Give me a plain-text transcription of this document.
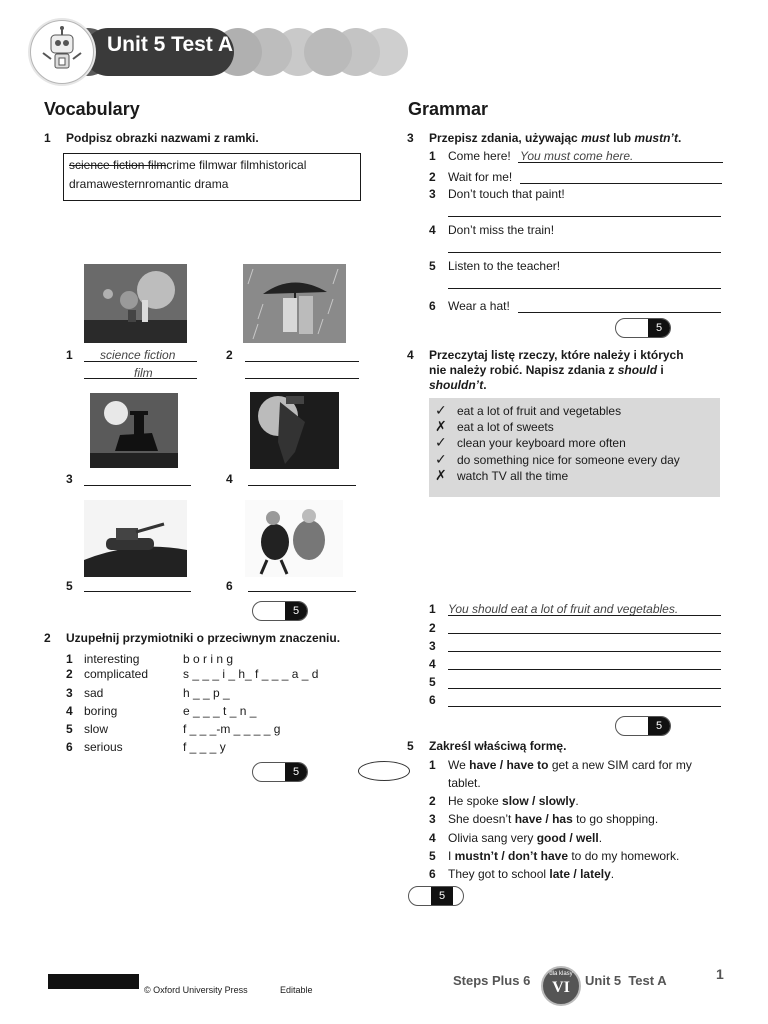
Unit 5 Test A
Vocabulary
1 Podpisz obrazki nazwami z ramki.
science fiction filmcrime filmwar filmhistorical
dramawesternromantic drama
1 science fiction
film
2
3	4
5	6
5
2 Uzupełnij przymiotniki o przeciwnym znaczeniu.
1 interesting	b o r i n g
2 complicated	s _ _ _ i _ h_ f _ _ _ a _ d
3 sad	h _ _ p _
4 boring	e _ _ _ t _ n _
5 slow	f _ _ _-m _ _ _ _ g
6 serious	f _ _ _ y
5
Grammar
3 Przepisz zdania, używając must lub mustn’t.
1 Come here! You must come here.
2 Wait for me!
3 Don’t touch that paint!
4 Don’t miss the train!
5 Listen to the teacher!
6 Wear a hat!
5
4 Przeczytaj listę rzeczy, które należy i których
nie należy robić. Napisz zdania z should i
shouldn’t.
✓ eat a lot of fruit and vegetables
✗ eat a lot of sweets
✓ clean your keyboard more often
✓ do something nice for someone every day
✗ watch TV all the time
1 You should eat a lot of fruit and vegetables.
2
3
4
5
6
5
5 Zakreśl właściwą formę.
1 We have / have to get a new SIM card for my
tablet.
2 He spoke slow / slowly.
3 She doesn’t have / has to go shopping.
4 Olivia sang very good / well.
5 I mustn’t / don’t have to do my homework.
6 They got to school late / lately.
5
© Oxford University Press	Editable
Steps Plus 6	dla klasy
VI	Unit 5  Test A	1
